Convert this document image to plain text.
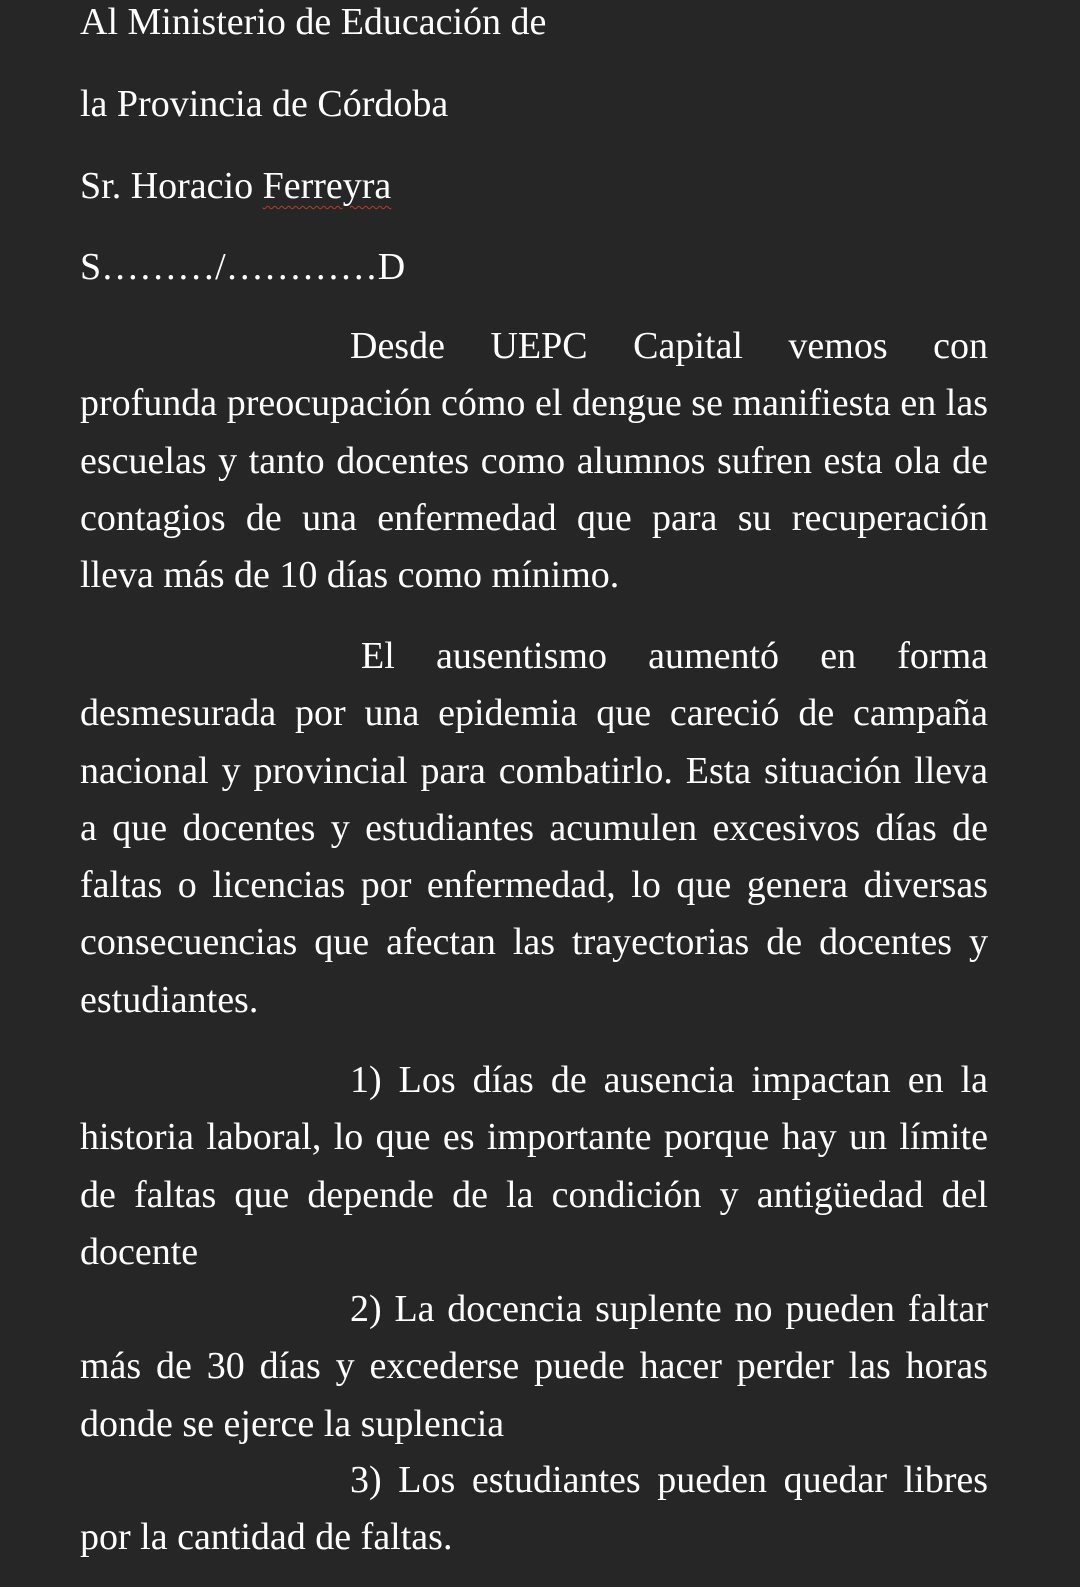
Al Ministerio de Educación de
la Provincia de Córdoba
Sr. Horacio Ferreyra
S………/…………D

Desde UEPC Capital vemos con profunda preocupación cómo el dengue se manifiesta en las escuelas y tanto docentes como alumnos sufren esta ola de contagios de una enfermedad que para su recuperación lleva más de 10 días como mínimo.

El ausentismo aumentó en forma desmesurada por una epidemia que careció de campaña nacional y provincial para combatirlo. Esta situación lleva a que docentes y estudiantes acumulen excesivos días de faltas o licencias por enfermedad, lo que genera diversas consecuencias que afectan las trayectorias de docentes y estudiantes.

1) Los días de ausencia impactan en la historia laboral, lo que es importante porque hay un límite de faltas que depende de la condición y antigüedad del docente

2) La docencia suplente no pueden faltar más de 30 días y excederse puede hacer perder las horas donde se ejerce la suplencia

3) Los estudiantes pueden quedar libres por la cantidad de faltas.
